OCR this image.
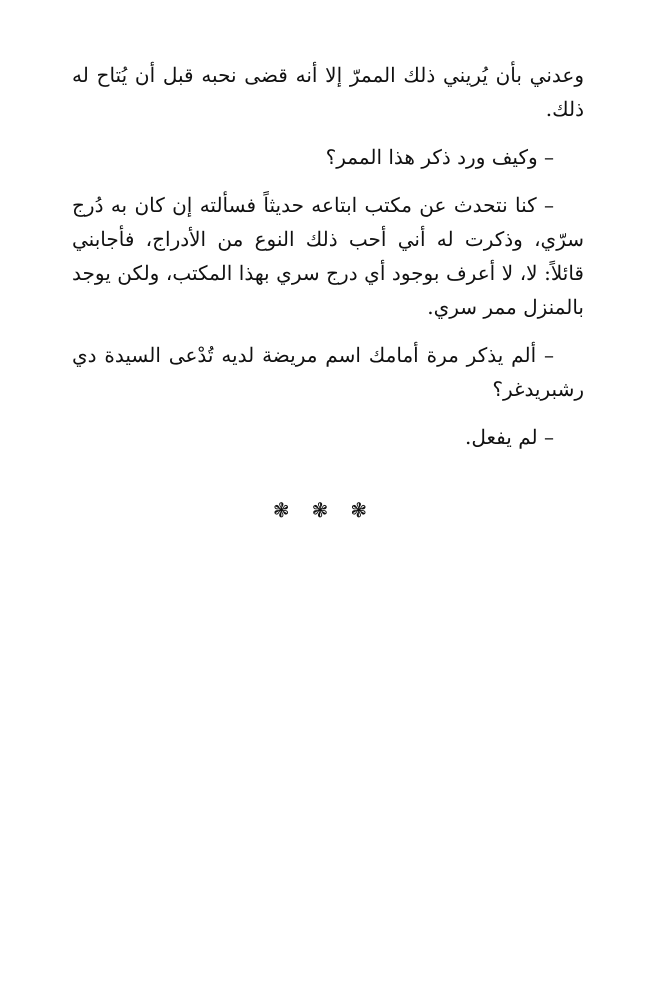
وعدني بأن يُريني ذلك الممرّ إلا أنه قضى نحبه قبل أن يُتاح له ذلك.

– وكيف ورد ذكر هذا الممر؟

– كنا نتحدث عن مكتب ابتاعه حديثاً فسألته إن كان به دُرج سرّي، وذكرت له أني أحب ذلك النوع من الأدراج، فأجابني قائلاً: لا، لا أعرف بوجود أي درج سري بهذا المكتب، ولكن يوجد بالمنزل ممر سري.

– ألم يذكر مرة أمامك اسم مريضة لديه تُدْعى السيدة دي رشبريدغر؟

– لم يفعل.

❃❃❃
